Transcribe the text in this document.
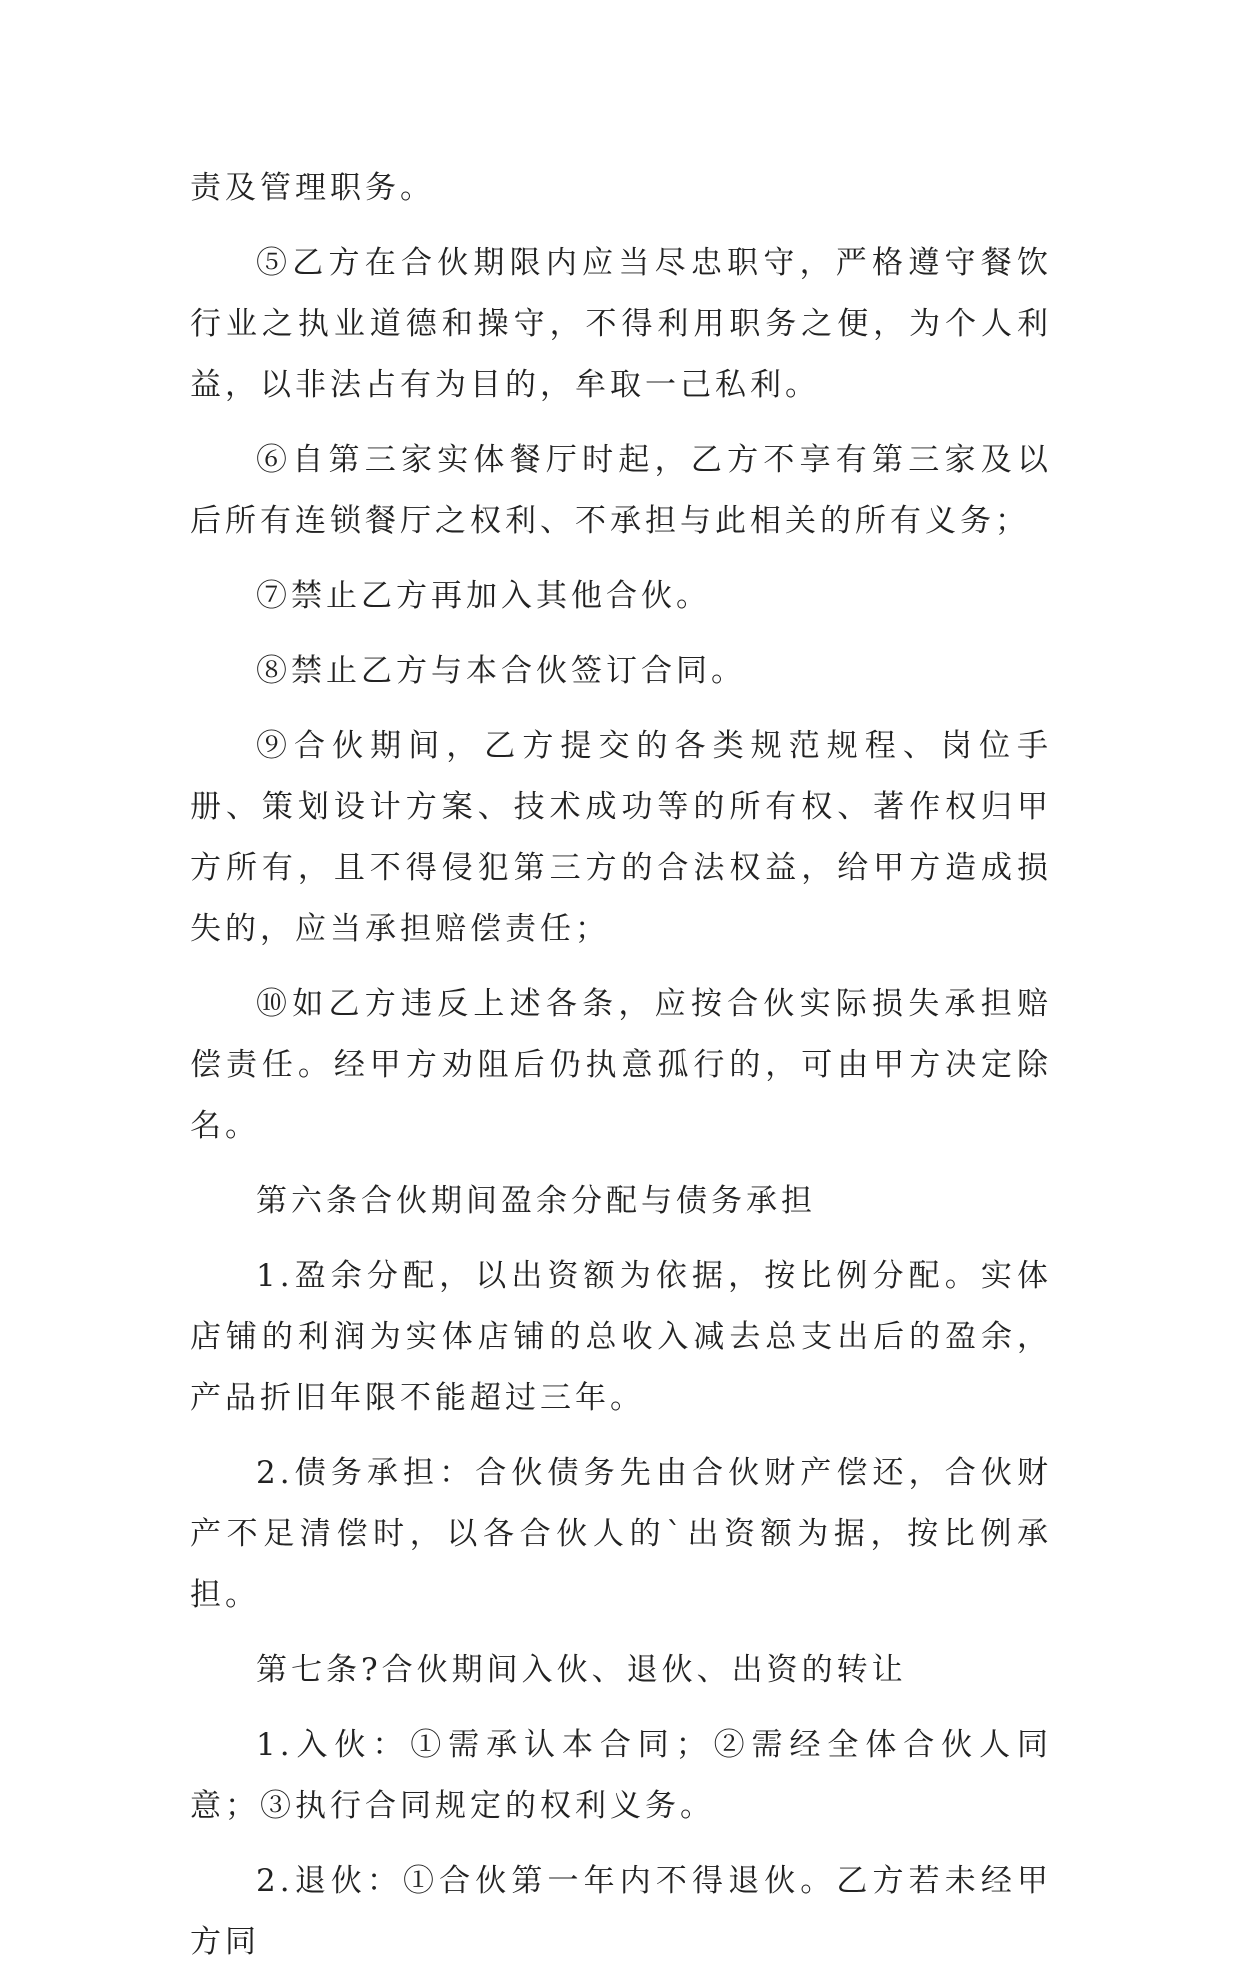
责及管理职务。

⑤乙方在合伙期限内应当尽忠职守，严格遵守餐饮行业之执业道德和操守，不得利用职务之便，为个人利益，以非法占有为目的，牟取一己私利。

⑥自第三家实体餐厅时起，乙方不享有第三家及以后所有连锁餐厅之权利、不承担与此相关的所有义务；

⑦禁止乙方再加入其他合伙。

⑧禁止乙方与本合伙签订合同。

⑨合伙期间，乙方提交的各类规范规程、岗位手册、策划设计方案、技术成功等的所有权、著作权归甲方所有，且不得侵犯第三方的合法权益，给甲方造成损失的，应当承担赔偿责任；

⑩如乙方违反上述各条，应按合伙实际损失承担赔偿责任。经甲方劝阻后仍执意孤行的，可由甲方决定除名。

第六条合伙期间盈余分配与债务承担

1.盈余分配，以出资额为依据，按比例分配。实体店铺的利润为实体店铺的总收入减去总支出后的盈余，产品折旧年限不能超过三年。

2.债务承担：合伙债务先由合伙财产偿还，合伙财产不足清偿时，以各合伙人的`出资额为据，按比例承担。

第七条?合伙期间入伙、退伙、出资的转让

1.入伙：①需承认本合同；②需经全体合伙人同意；③执行合同规定的权利义务。

2.退伙：①合伙第一年内不得退伙。乙方若未经甲方同
